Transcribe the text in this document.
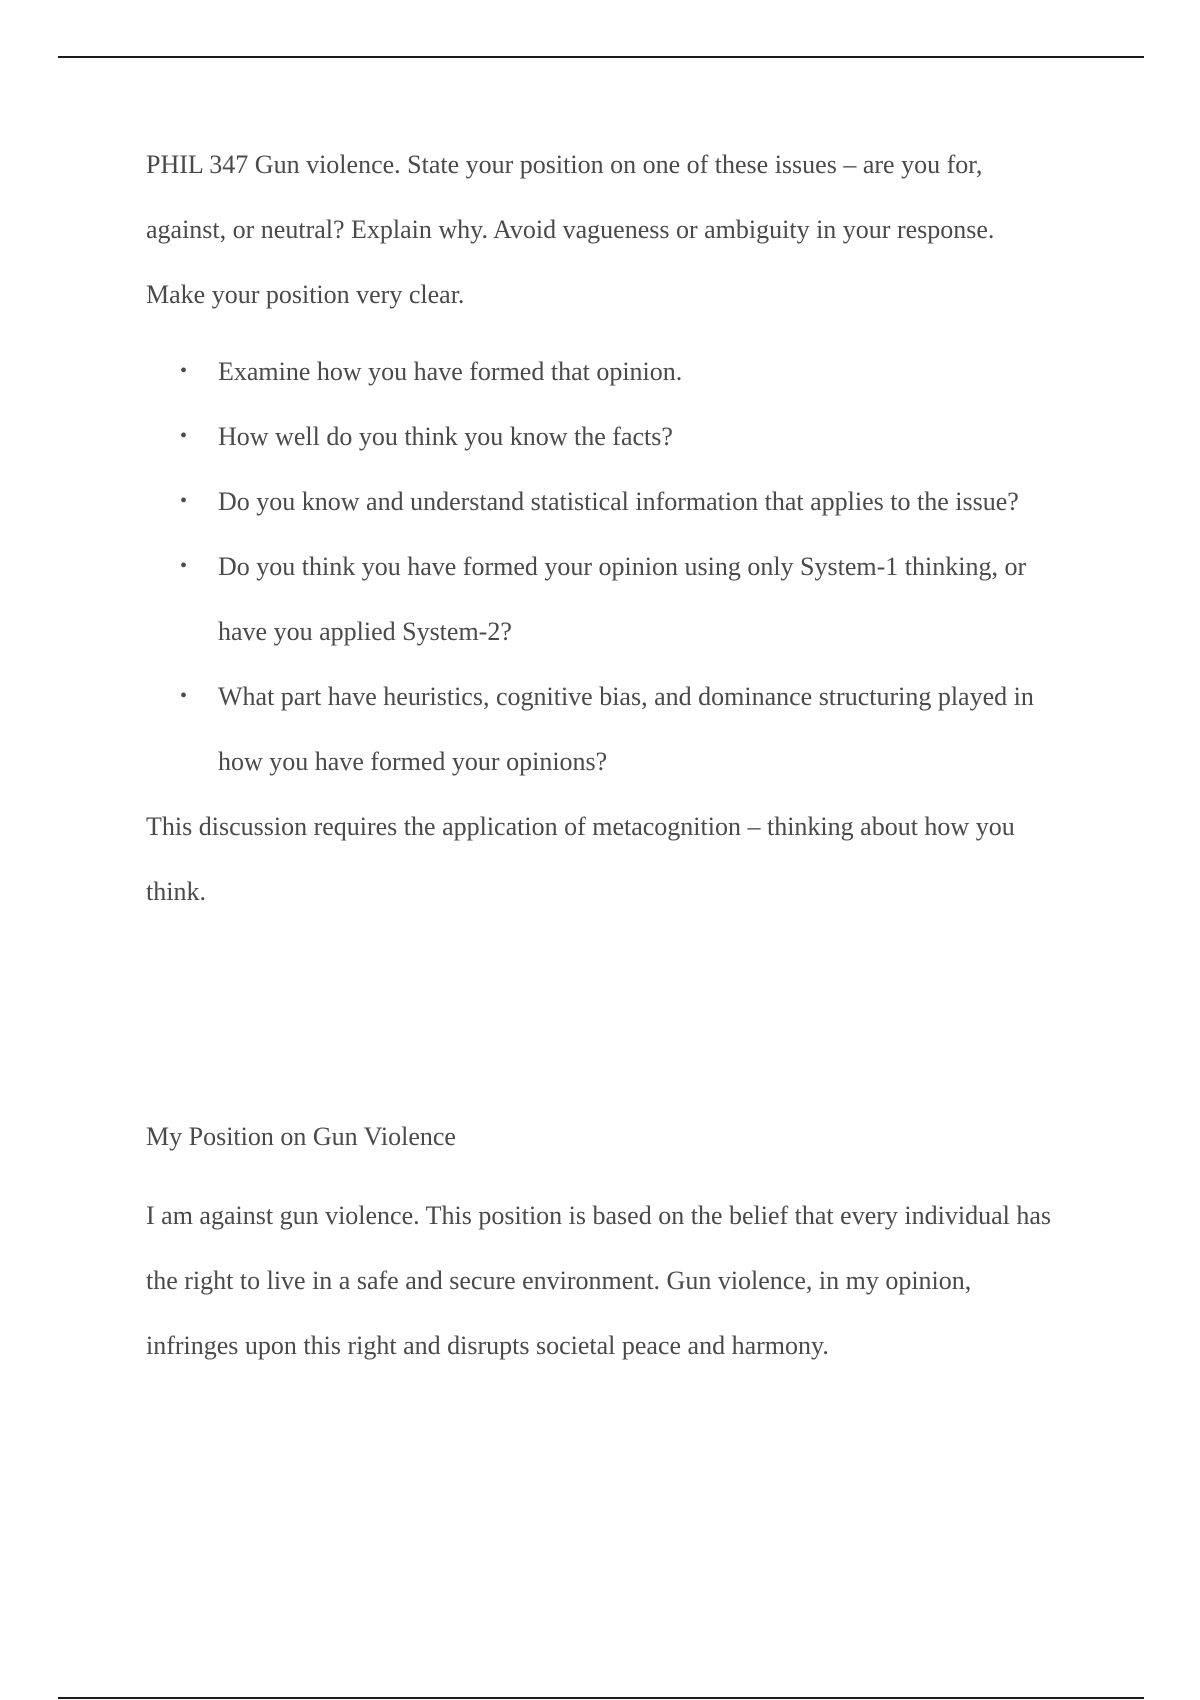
PHIL 347 Gun violence. State your position on one of these issues – are you for, against, or neutral? Explain why. Avoid vagueness or ambiguity in your response. Make your position very clear.

• Examine how you have formed that opinion.
• How well do you think you know the facts?
• Do you know and understand statistical information that applies to the issue?
• Do you think you have formed your opinion using only System-1 thinking, or have you applied System-2?
• What part have heuristics, cognitive bias, and dominance structuring played in how you have formed your opinions?

This discussion requires the application of metacognition – thinking about how you think.

My Position on Gun Violence

I am against gun violence. This position is based on the belief that every individual has the right to live in a safe and secure environment. Gun violence, in my opinion, infringes upon this right and disrupts societal peace and harmony.
